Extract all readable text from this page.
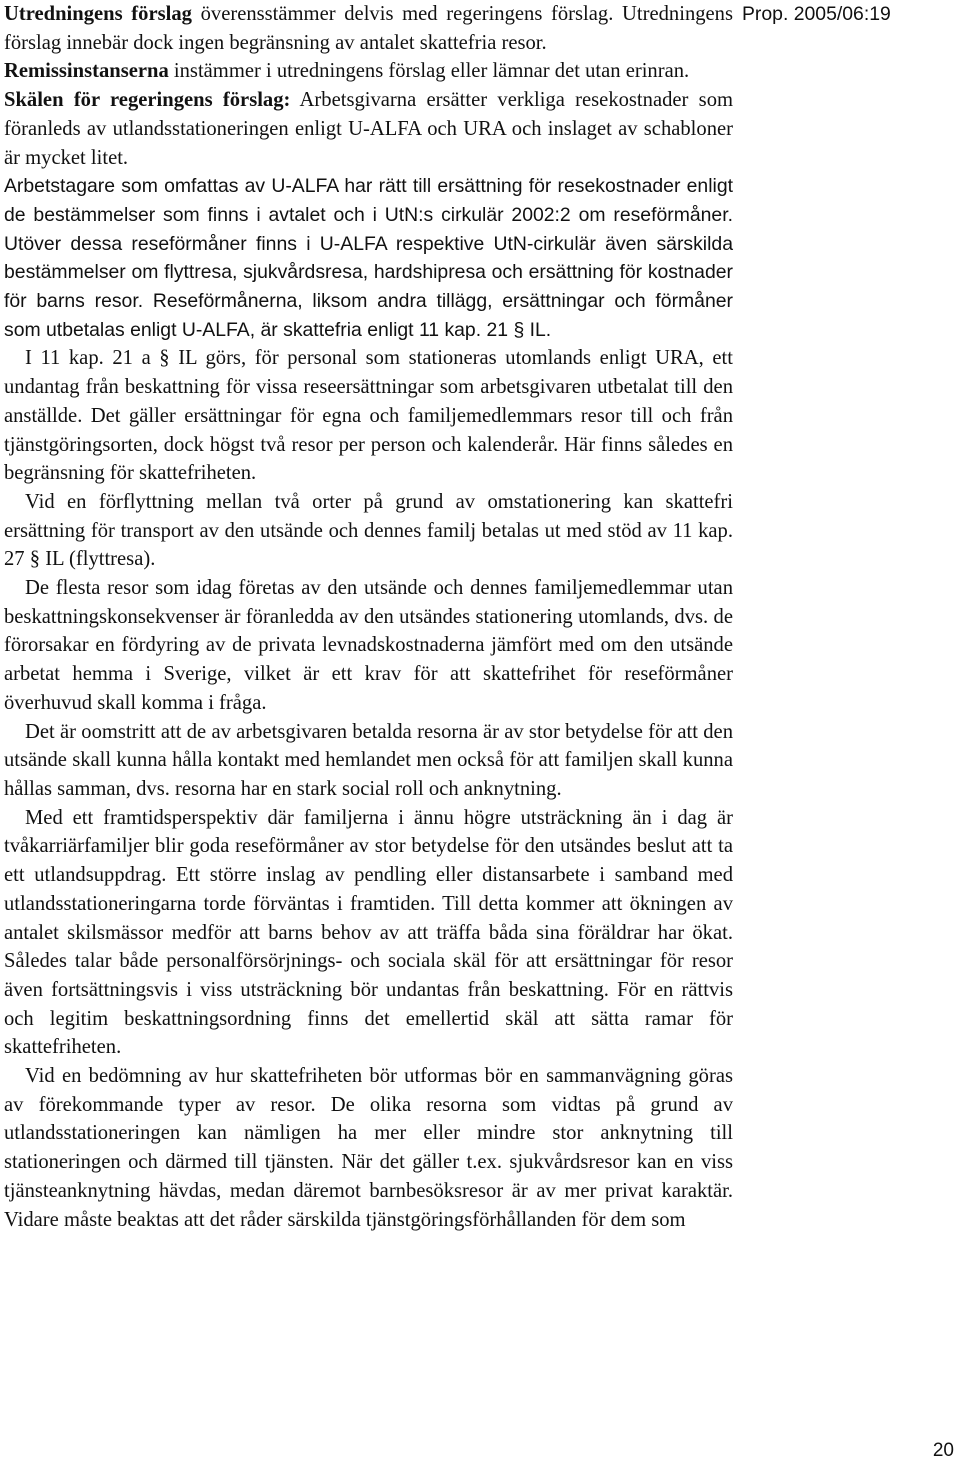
Prop. 2005/06:19

Utredningens förslag överensstämmer delvis med regeringens förslag. Utredningens förslag innebär dock ingen begränsning av antalet skattefria resor.

Remissinstanserna instämmer i utredningens förslag eller lämnar det utan erinran.

Skälen för regeringens förslag: Arbetsgivarna ersätter verkliga resekostnader som föranleds av utlandsstationeringen enligt U-ALFA och URA och inslaget av schabloner är mycket litet.

Arbetstagare som omfattas av U-ALFA har rätt till ersättning för resekostnader enligt de bestämmelser som finns i avtalet och i UtN:s cirkulär 2002:2 om reseförmåner. Utöver dessa reseförmåner finns i U-ALFA respektive UtN-cirkulär även särskilda bestämmelser om flyttresa, sjukvårdsresa, hardshipresa och ersättning för kostnader för barns resor. Reseförmånerna, liksom andra tillägg, ersättningar och förmåner som utbetalas enligt U-ALFA, är skattefria enligt 11 kap. 21 § IL.

I 11 kap. 21 a § IL görs, för personal som stationeras utomlands enligt URA, ett undantag från beskattning för vissa reseersättningar som arbetsgivaren utbetalat till den anställde. Det gäller ersättningar för egna och familjemedlemmars resor till och från tjänstgöringsorten, dock högst två resor per person och kalenderår. Här finns således en begränsning för skattefriheten.

Vid en förflyttning mellan två orter på grund av omstationering kan skattefri ersättning för transport av den utsände och dennes familj betalas ut med stöd av 11 kap. 27 § IL (flyttresa).

De flesta resor som idag företas av den utsände och dennes familjemedlemmar utan beskattningskonsekvenser är föranledda av den utsändes stationering utomlands, dvs. de förorsakar en fördyring av de privata levnadskostnaderna jämfört med om den utsände arbetat hemma i Sverige, vilket är ett krav för att skattefrihet för reseförmåner överhuvud skall komma i fråga.

Det är oomstritt att de av arbetsgivaren betalda resorna är av stor betydelse för att den utsände skall kunna hålla kontakt med hemlandet men också för att familjen skall kunna hållas samman, dvs. resorna har en stark social roll och anknytning.

Med ett framtidsperspektiv där familjerna i ännu högre utsträckning än i dag är tvåkarriärfamiljer blir goda reseförmåner av stor betydelse för den utsändes beslut att ta ett utlandsuppdrag. Ett större inslag av pendling eller distansarbete i samband med utlandsstationeringarna torde förväntas i framtiden. Till detta kommer att ökningen av antalet skilsmässor medför att barns behov av att träffa båda sina föräldrar har ökat. Således talar både personalförsörjnings- och sociala skäl för att ersättningar för resor även fortsättningsvis i viss utsträckning bör undantas från beskattning. För en rättvis och legitim beskattningsordning finns det emellertid skäl att sätta ramar för skattefriheten.

Vid en bedömning av hur skattefriheten bör utformas bör en sammanvägning göras av förekommande typer av resor. De olika resorna som vidtas på grund av utlandsstationeringen kan nämligen ha mer eller mindre stor anknytning till stationeringen och därmed till tjänsten. När det gäller t.ex. sjukvårdsresor kan en viss tjänsteanknytning hävdas, medan däremot barnbesöksresor är av mer privat karaktär. Vidare måste beaktas att det råder särskilda tjänstgöringsförhållanden för dem som

20
